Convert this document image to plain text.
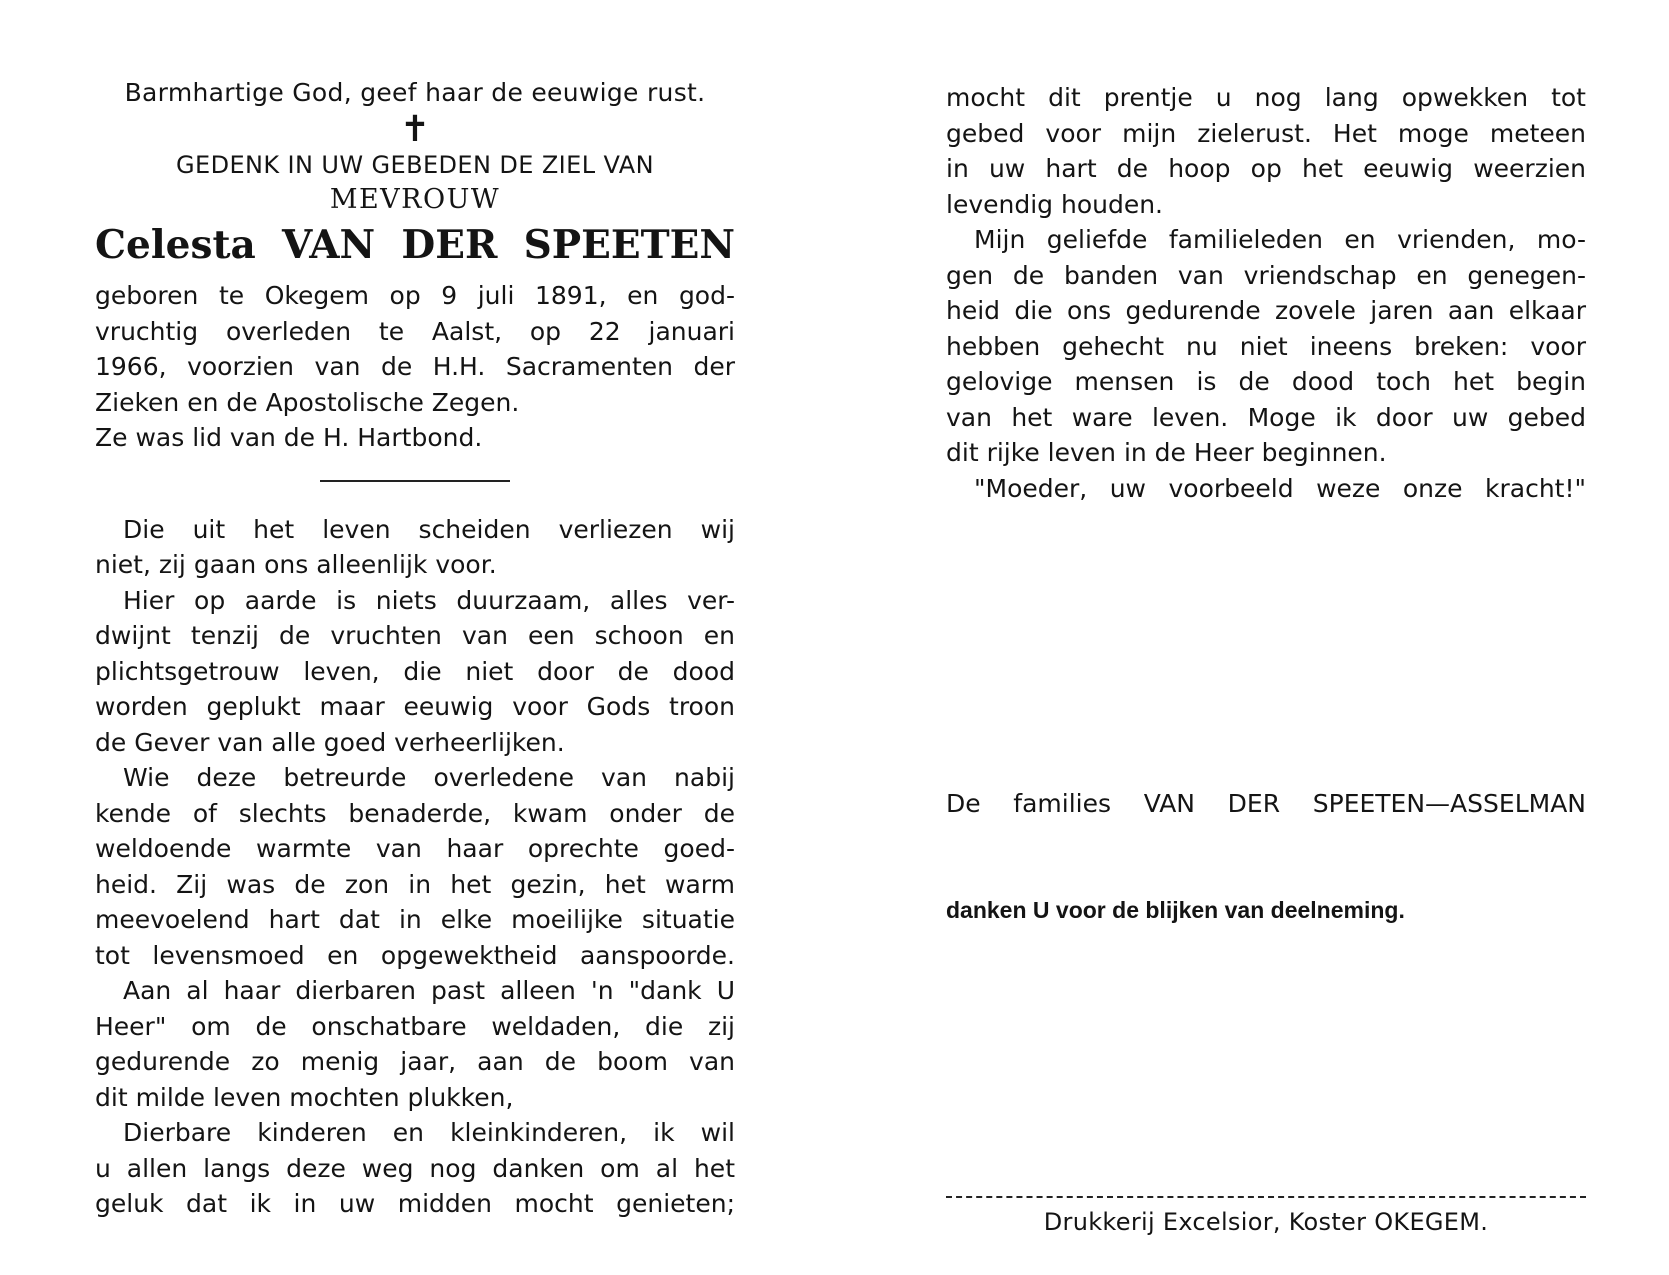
Barmhartige God, geef haar de eeuwige rust.
✝
GEDENK IN UW GEBEDEN DE ZIEL VAN
MEVROUW
Celesta VAN DER SPEETEN
geboren te Okegem op 9 juli 1891, en god-
vruchtig overleden te Aalst, op 22 januari
1966, voorzien van de H.H. Sacramenten der
Zieken en de Apostolische Zegen.
Ze was lid van de H. Hartbond.
Die uit het leven scheiden verliezen wij
niet, zij gaan ons alleenlijk voor.
Hier op aarde is niets duurzaam, alles ver-
dwijnt tenzij de vruchten van een schoon en
plichtsgetrouw leven, die niet door de dood
worden geplukt maar eeuwig voor Gods troon
de Gever van alle goed verheerlijken.
Wie deze betreurde overledene van nabij
kende of slechts benaderde, kwam onder de
weldoende warmte van haar oprechte goed-
heid. Zij was de zon in het gezin, het warm
meevoelend hart dat in elke moeilijke situatie
tot levensmoed en opgewektheid aanspoorde.
Aan al haar dierbaren past alleen 'n "dank U
Heer" om de onschatbare weldaden, die zij
gedurende zo menig jaar, aan de boom van
dit milde leven mochten plukken,
Dierbare kinderen en kleinkinderen, ik wil
u allen langs deze weg nog danken om al het
geluk dat ik in uw midden mocht genieten;
mocht dit prentje u nog lang opwekken tot
gebed voor mijn zielerust. Het moge meteen
in uw hart de hoop op het eeuwig weerzien
levendig houden.
Mijn geliefde familieleden en vrienden, mo-
gen de banden van vriendschap en genegen-
heid die ons gedurende zovele jaren aan elkaar
hebben gehecht nu niet ineens breken: voor
gelovige mensen is de dood toch het begin
van het ware leven. Moge ik door uw gebed
dit rijke leven in de Heer beginnen.
"Moeder, uw voorbeeld weze onze kracht!"
De families VAN DER SPEETEN—ASSELMAN
danken U voor de blijken van deelneming.
Drukkerij Excelsior, Koster OKEGEM.
